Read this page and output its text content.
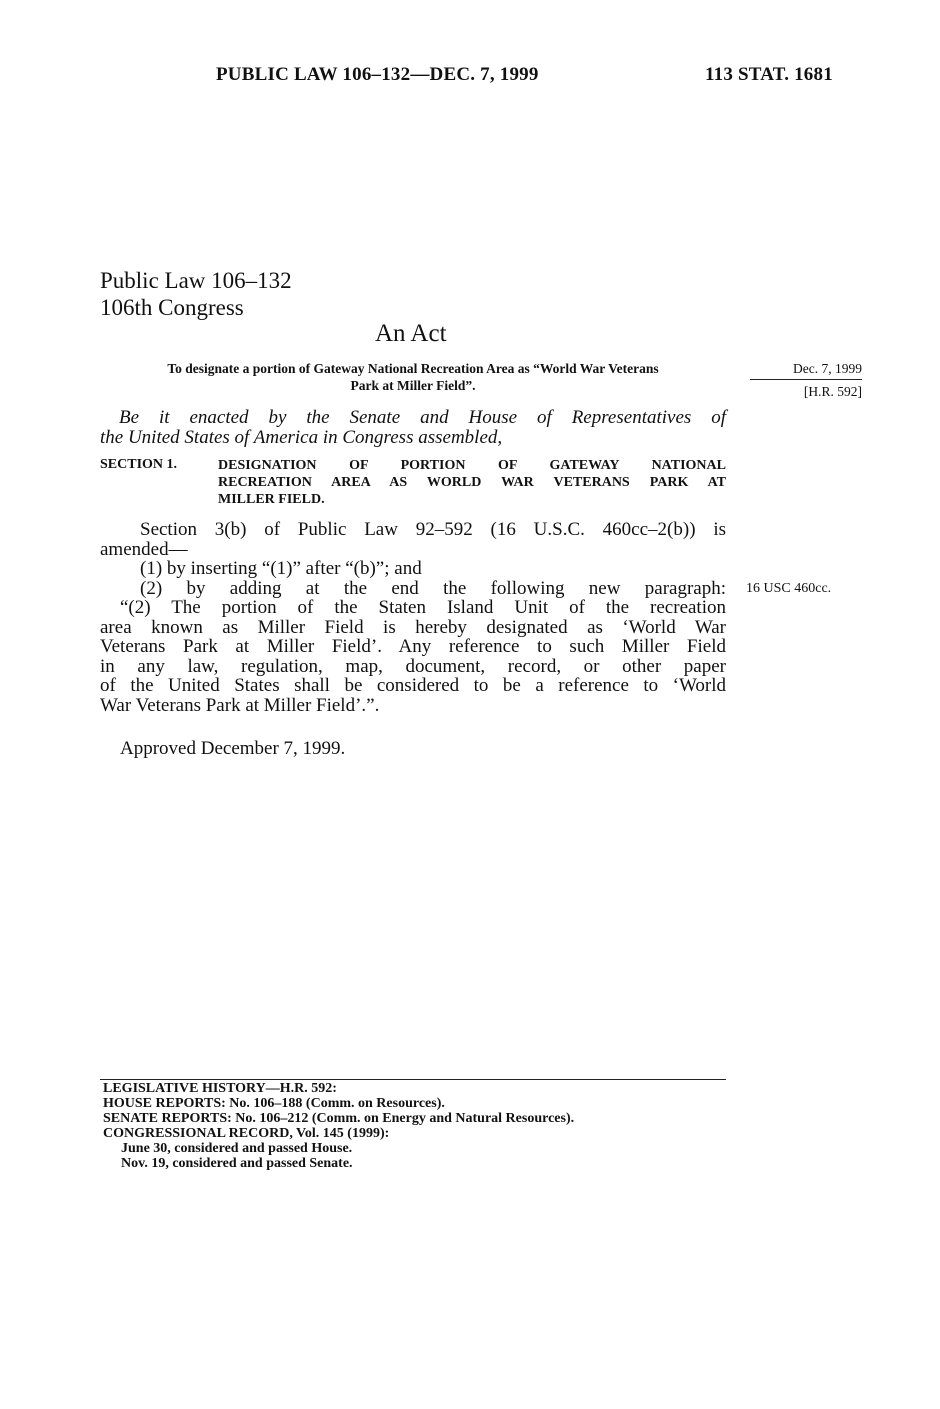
PUBLIC LAW 106–132—DEC. 7, 1999	113 STAT. 1681
Public Law 106–132
106th Congress
An Act
To designate a portion of Gateway National Recreation Area as “World War Veterans
Park at Miller Field”.
Dec. 7, 1999
[H.R. 592]
Be it enacted by the Senate and House of Representatives of
the United States of America in Congress assembled,
SECTION 1.	DESIGNATION OF PORTION OF GATEWAY NATIONAL
RECREATION AREA AS WORLD WAR VETERANS PARK AT
MILLER FIELD.
Section 3(b) of Public Law 92–592 (16 U.S.C. 460cc–2(b)) is
amended—
(1) by inserting “(1)” after “(b)”; and
(2) by adding at the end the following new paragraph:
“(2) The portion of the Staten Island Unit of the recreation
area known as Miller Field is hereby designated as ‘World War
Veterans Park at Miller Field’. Any reference to such Miller Field
in any law, regulation, map, document, record, or other paper
of the United States shall be considered to be a reference to ‘World
War Veterans Park at Miller Field’.”.
16 USC 460cc.
Approved December 7, 1999.
LEGISLATIVE HISTORY—H.R. 592:
HOUSE REPORTS: No. 106–188 (Comm. on Resources).
SENATE REPORTS: No. 106–212 (Comm. on Energy and Natural Resources).
CONGRESSIONAL RECORD, Vol. 145 (1999):
June 30, considered and passed House.
Nov. 19, considered and passed Senate.
